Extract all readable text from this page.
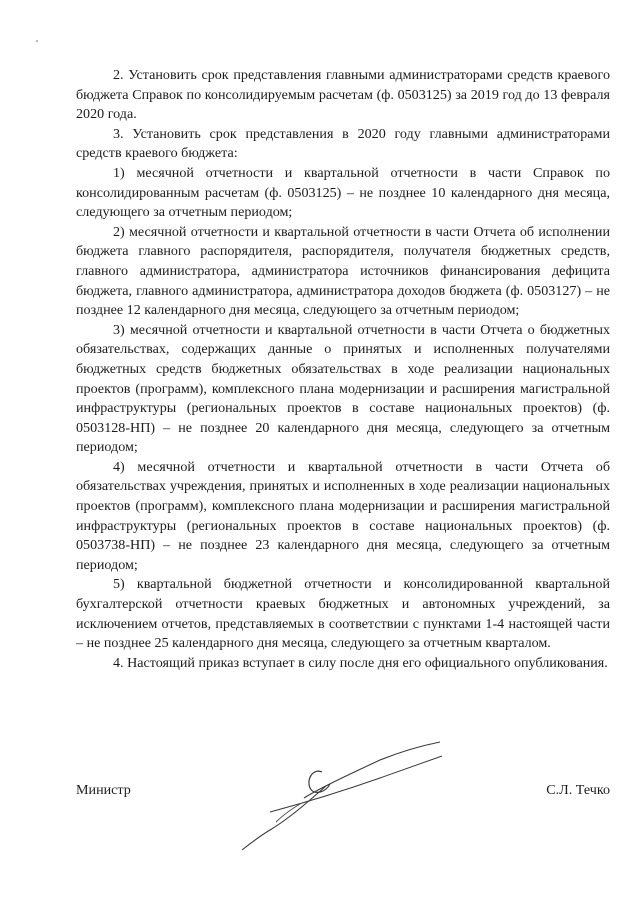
2. Установить срок представления главными администраторами средств краевого бюджета Справок по консолидируемым расчетам (ф. 0503125) за 2019 год до 13 февраля 2020 года.

3. Установить срок представления в 2020 году главными администраторами средств краевого бюджета:

1) месячной отчетности и квартальной отчетности в части Справок по консолидированным расчетам (ф. 0503125) – не позднее 10 календарного дня месяца, следующего за отчетным периодом;

2) месячной отчетности и квартальной отчетности в части Отчета об исполнении бюджета главного распорядителя, распорядителя, получателя бюджетных средств, главного администратора, администратора источников финансирования дефицита бюджета, главного администратора, администратора доходов бюджета (ф. 0503127) – не позднее 12 календарного дня месяца, следующего за отчетным периодом;

3) месячной отчетности и квартальной отчетности в части Отчета о бюджетных обязательствах, содержащих данные о принятых и исполненных получателями бюджетных средств бюджетных обязательствах в ходе реализации национальных проектов (программ), комплексного плана модернизации и расширения магистральной инфраструктуры (региональных проектов в составе национальных проектов) (ф. 0503128-НП) – не позднее 20 календарного дня месяца, следующего за отчетным периодом;

4) месячной отчетности и квартальной отчетности в части Отчета об обязательствах учреждения, принятых и исполненных в ходе реализации национальных проектов (программ), комплексного плана модернизации и расширения магистральной инфраструктуры (региональных проектов в составе национальных проектов) (ф. 0503738-НП) – не позднее 23 календарного дня месяца, следующего за отчетным периодом;

5) квартальной бюджетной отчетности и консолидированной квартальной бухгалтерской отчетности краевых бюджетных и автономных учреждений, за исключением отчетов, представляемых в соответствии с пунктами 1-4 настоящей части – не позднее 25 календарного дня месяца, следующего за отчетным кварталом.

4. Настоящий приказ вступает в силу после дня его официального опубликования.

Министр	С.Л. Течко
